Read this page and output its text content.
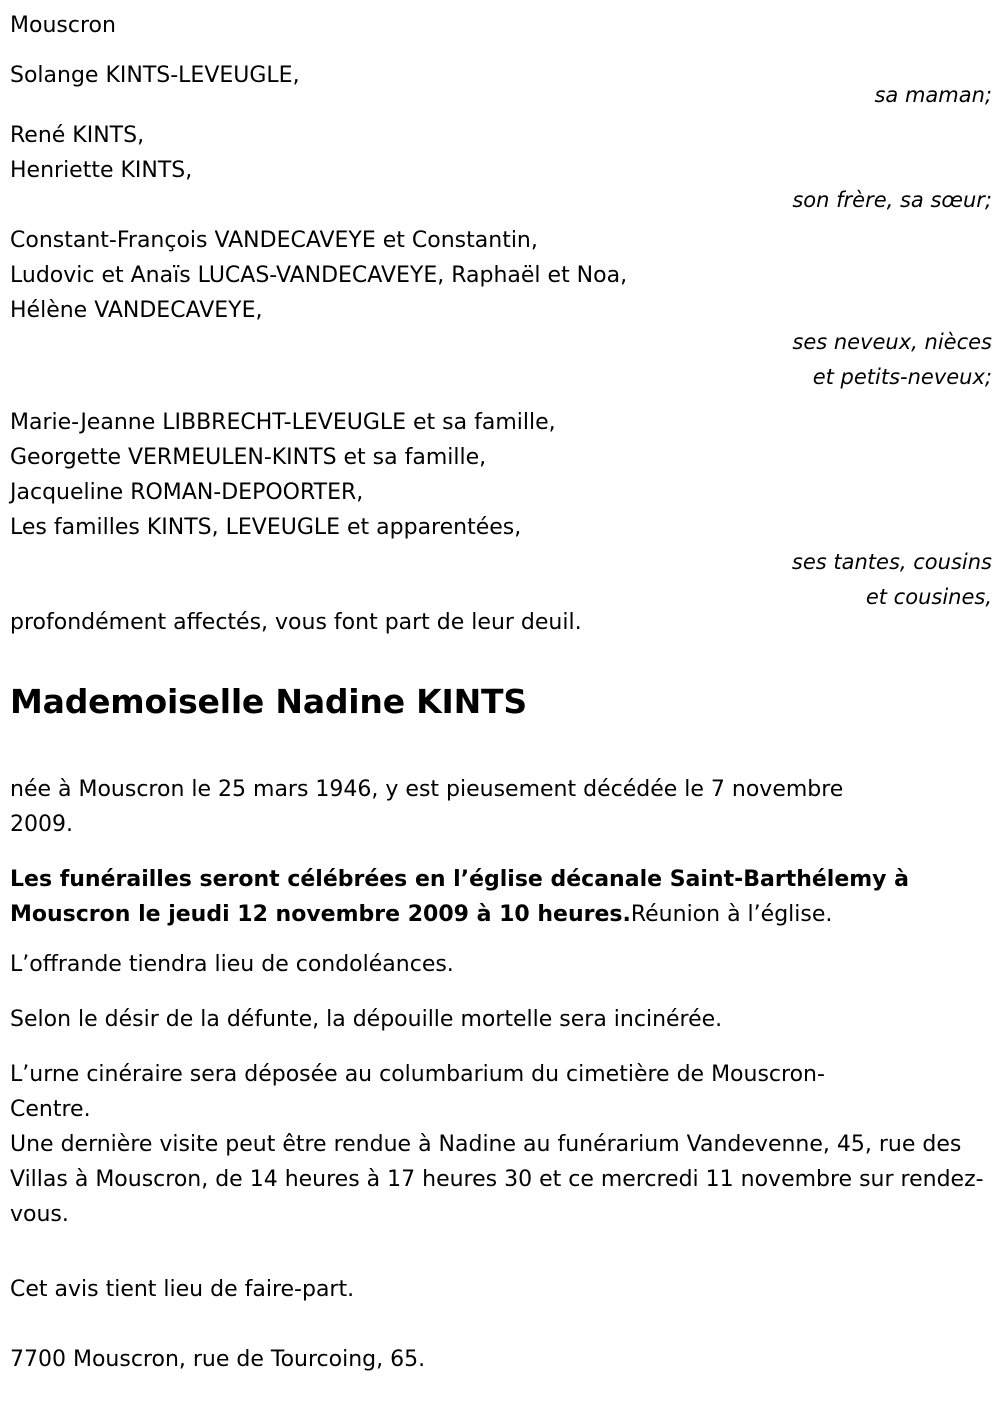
Mouscron
Solange KINTS-LEVEUGLE,
sa maman;
René KINTS,
Henriette KINTS,
son frère, sa sœur;
Constant-François VANDECAVEYE et Constantin,
Ludovic et Anaïs LUCAS-VANDECAVEYE, Raphaël et Noa,
Hélène VANDECAVEYE,
ses neveux, nièces
et petits-neveux;
Marie-Jeanne LIBBRECHT-LEVEUGLE et sa famille,
Georgette VERMEULEN-KINTS et sa famille,
Jacqueline ROMAN-DEPOORTER,
Les familles KINTS, LEVEUGLE et apparentées,
ses tantes, cousins
et cousines,
profondément affectés, vous font part de leur deuil.
Mademoiselle Nadine KINTS
née à Mouscron le 25 mars 1946, y est pieusement décédée le 7 novembre 2009.
Les funérailles seront célébrées en l’église décanale Saint-Barthélemy à Mouscron le jeudi 12 novembre 2009 à 10 heures.Réunion à l’église.
L’offrande tiendra lieu de condoléances.
Selon le désir de la défunte, la dépouille mortelle sera incinérée.
L’urne cinéraire sera déposée au columbarium du cimetière de Mouscron-Centre.
Une dernière visite peut être rendue à Nadine au funérarium Vandevenne, 45, rue des Villas à Mouscron, de 14 heures à 17 heures 30 et ce mercredi 11 novembre sur rendez-vous.
Cet avis tient lieu de faire-part.
7700 Mouscron, rue de Tourcoing, 65.
